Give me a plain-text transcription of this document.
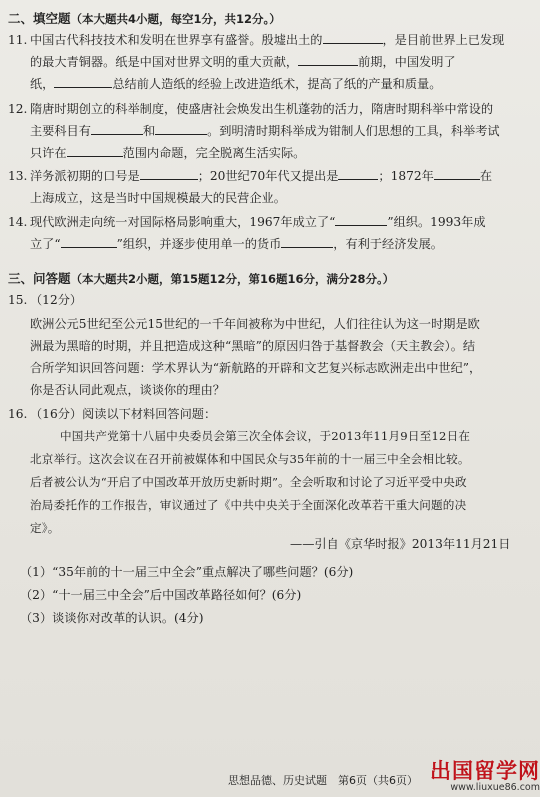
二、填空题（本大题共4小题，每空1分，共12分。）
11. 中国古代科技技术和发明在世界享有盛誉。殷墟出土的	，是目前世界上已发现
的最大青铜器。纸是中国对世界文明的重大贡献，	前期，中国发明了
纸，	总结前人造纸的经验上改进造纸术，提高了纸的产量和质量。
12. 隋唐时期创立的科举制度，使盛唐社会焕发出生机蓬勃的活力，隋唐时期科举中常设的
主要科目有	和	。到明清时期科举成为钳制人们思想的工具，科举考试
只许在	范围内命题，完全脱离生活实际。
13. 洋务派初期的口号是	；20世纪70年代又提出是	；1872年	在
上海成立，这是当时中国规模最大的民营企业。
14. 现代欧洲走向统一对国际格局影响重大，1967年成立了“	”组织。1993年成
立了“	”组织，并逐步使用单一的货币	，有利于经济发展。
三、问答题（本大题共2小题，第15题12分，第16题16分，满分28分。）
15. （12分）
欧洲公元5世纪至公元15世纪的一千年间被称为中世纪，人们往往认为这一时期是欧
洲最为黑暗的时期，并且把造成这种“黑暗”的原因归咎于基督教会（天主教会）。结
合所学知识回答问题：学术界认为“新航路的开辟和文艺复兴标志欧洲走出中世纪”，
你是否认同此观点，谈谈你的理由？
16. （16分）阅读以下材料回答问题：
中国共产党第十八届中央委员会第三次全体会议，于2013年11月9日至12日在
北京举行。这次会议在召开前被媒体和中国民众与35年前的十一届三中全会相比较。
后者被公认为“开启了中国改革开放历史新时期”。全会听取和讨论了习近平受中央政
治局委托作的工作报告，审议通过了《中共中央关于全面深化改革若干重大问题的决
定》。
——引自《京华时报》2013年11月21日
（1）“35年前的十一届三中全会”重点解决了哪些问题？(6分)
（2）“十一届三中全会”后中国改革路径如何？(6分)
（3）谈谈你对改革的认识。(4分)
思想品德、历史试题　第6页（共6页） 出国留学网
www.liuxue86.com
